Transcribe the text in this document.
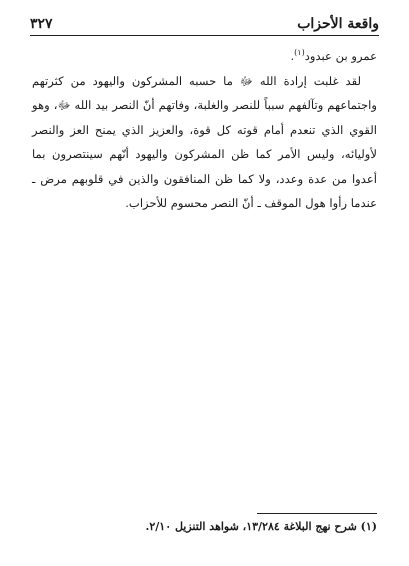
واقعة الأحزاب
٣٢٧

عمرو بن عبدود$^{(١)}$.

لقد غلبت إرادة الله ﷻ ما حسبه المشركون واليهود من كثرتهم واجتماعهم وتآلفهم سبباً للنصر والغلبة، وفاتهم أنّ النصر بيد الله ﷻ، وهو القوي الذي تنعدم أمام قوته كل قوة، والعزيز الذي يمنح العز والنصر لأوليائه، وليس الأمر كما ظن المشركون واليهود أنّهم سينتصرون بما أعدوا من عدة وعدد، ولا كما ظن المنافقون والذين في قلوبهم مرض ـ عندما رأوا هول الموقف ـ أنّ النصر محسوم للأحزاب.

(١) شرح نهج البلاغة ١٣/٢٨٤، شواهد التنزيل ٢/١٠.
